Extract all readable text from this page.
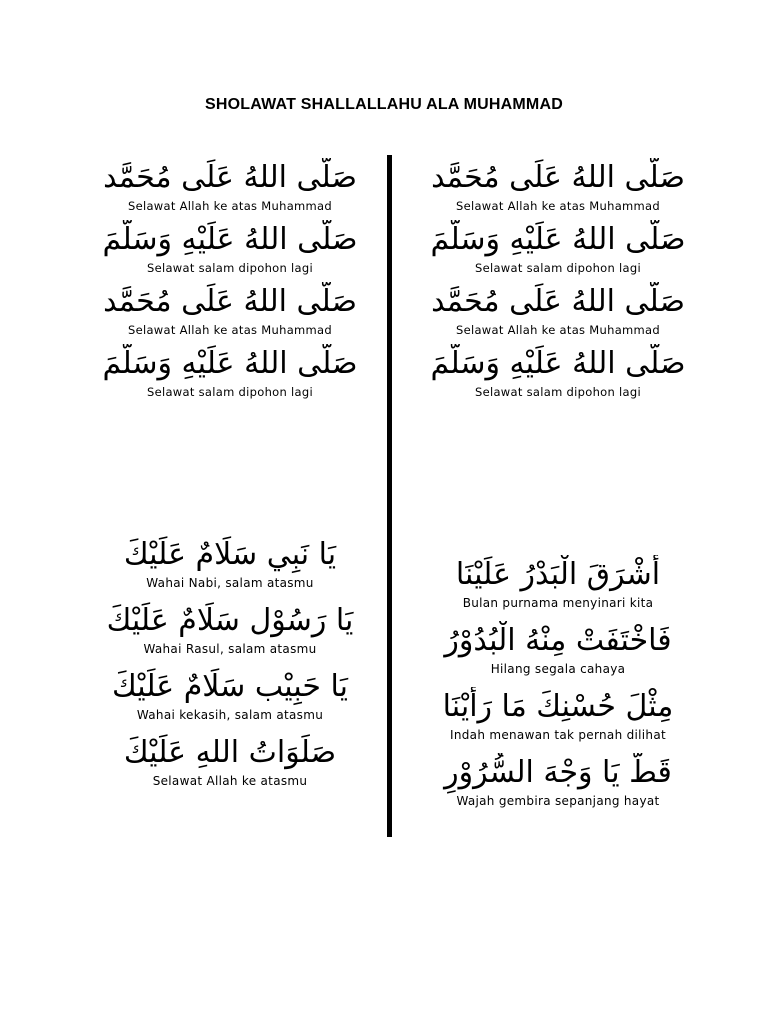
SHOLAWAT SHALLALLAHU ALA MUHAMMAD
صَلَّى اللهُ عَلَى مُحَمَّد
Selawat Allah ke atas Muhammad
صَلَّى اللهُ عَلَيْهِ وَسَلَّمَ
Selawat salam dipohon lagi
صَلَّى اللهُ عَلَى مُحَمَّد
Selawat Allah ke atas Muhammad
صَلَّى اللهُ عَلَيْهِ وَسَلَّمَ
Selawat salam dipohon lagi
صَلَّى اللهُ عَلَى مُحَمَّد
Selawat Allah ke atas Muhammad
صَلَّى اللهُ عَلَيْهِ وَسَلَّمَ
Selawat salam dipohon lagi
صَلَّى اللهُ عَلَى مُحَمَّد
Selawat Allah ke atas Muhammad
صَلَّى اللهُ عَلَيْهِ وَسَلَّمَ
Selawat salam dipohon lagi
يَا نَبِي سَلَامٌ عَلَيْكَ
Wahai Nabi, salam atasmu
يَا رَسُوْل سَلَامٌ عَلَيْكَ
Wahai Rasul, salam atasmu
يَا حَبِيْب سَلَامٌ عَلَيْكَ
Wahai kekasih, salam atasmu
صَلَوَاتُ اللهِ عَلَيْكَ
Selawat Allah ke atasmu
أَشْرَقَ الْبَدْرُ عَلَيْنَا
Bulan purnama menyinari kita
فَاخْتَفَتْ مِنْهُ الْبُدُوْرُ
Hilang segala cahaya
مِثْلَ حُسْنِكَ مَا رَأَيْنَا
Indah menawan tak pernah dilihat
قَطُّ يَا وَجْهَ السُّرُوْرِ
Wajah gembira sepanjang hayat
